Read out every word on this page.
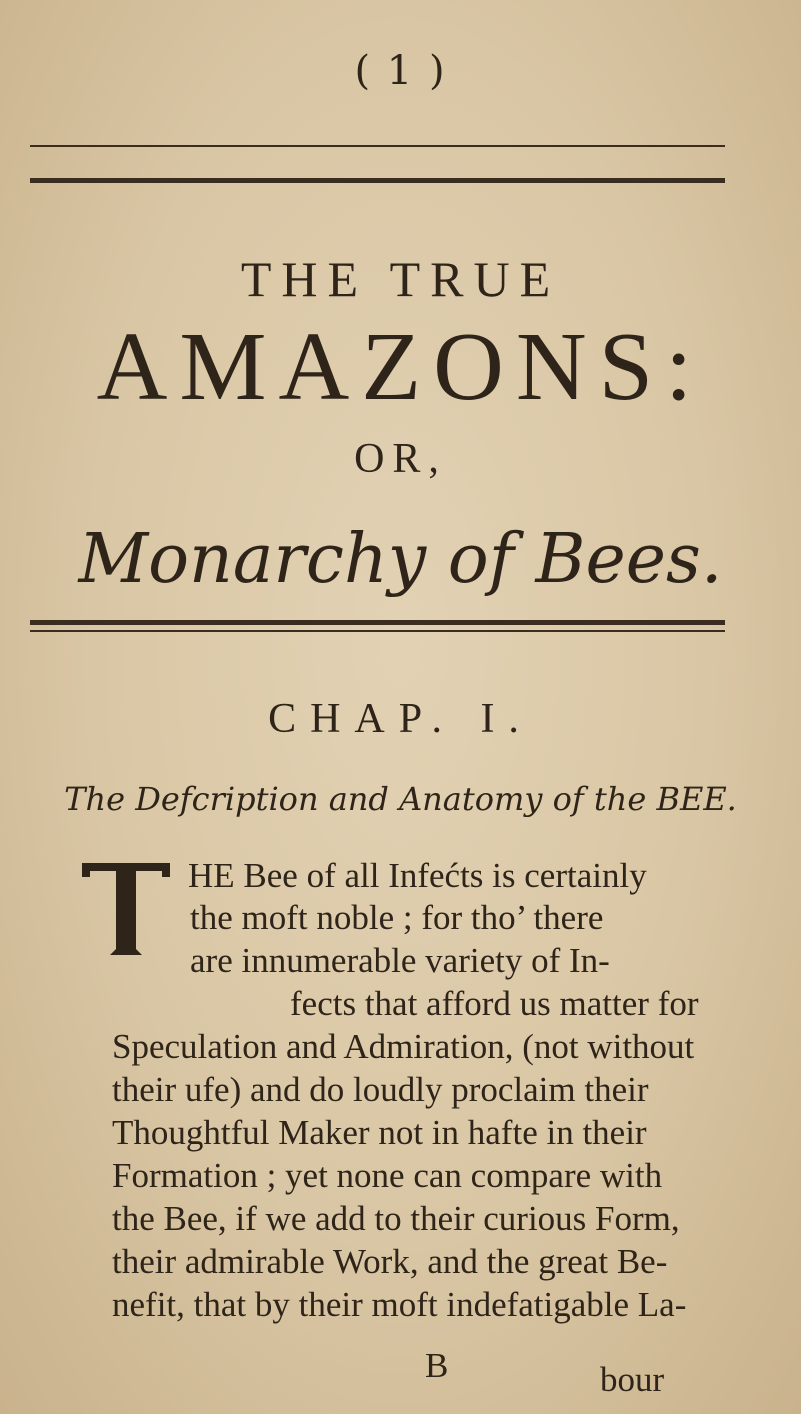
( 1 )
THE TRUE
AMAZONS:
OR,
Monarchy of Bees.
CHAP. I.
The Defcription and Anatomy of the BEE.
HE Bee of all Infećts is certainly
the moft noble ; for tho’ there
are innumerable variety of In-
fects that afford us matter for
Speculation and Admiration, (not without
their ufe) and do loudly proclaim their
Thoughtful Maker not in hafte in their
Formation ; yet none can compare with
the Bee, if we add to their curious Form,
their admirable Work, and the great Be-
nefit, that by their moft indefatigable La-
B	bour
